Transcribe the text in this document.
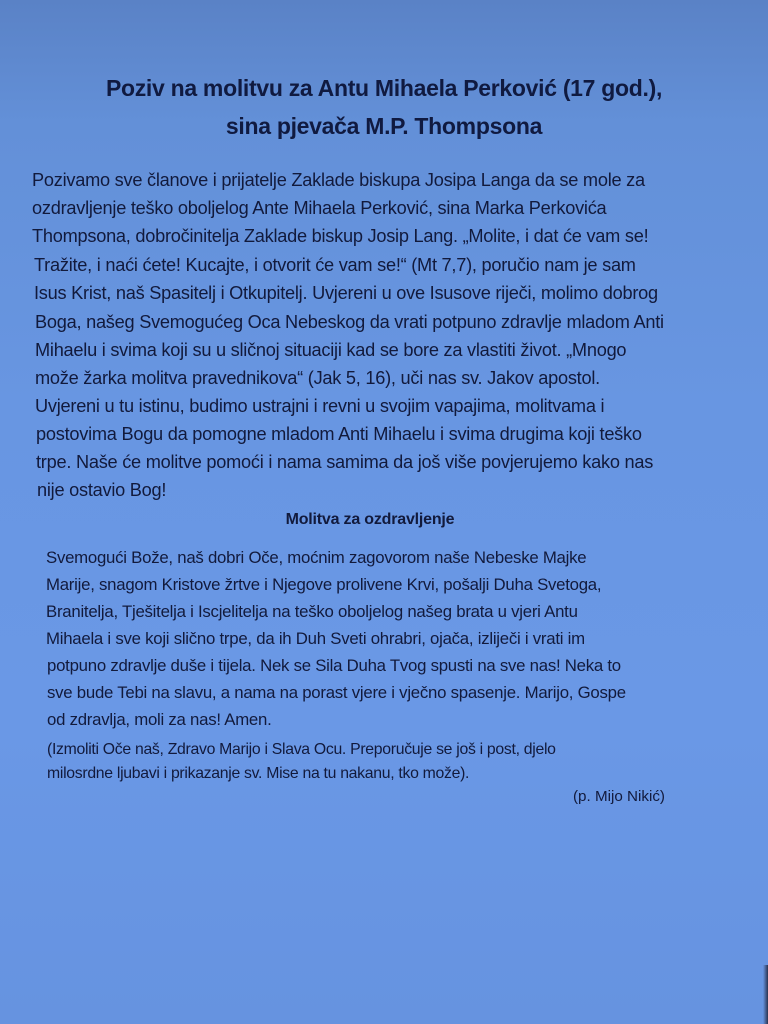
Poziv na molitvu za Antu Mihaela Perković (17 god.),
sina pjevača M.P. Thompsona
Pozivamo sve članove i prijatelje Zaklade biskupa Josipa Langa da se mole za
ozdravljenje teško oboljelog Ante Mihaela Perković, sina Marka Perkovića
Thompsona, dobročinitelja Zaklade biskup Josip Lang. „Molite, i dat će vam se!
Tražite, i naći ćete! Kucajte, i otvorit će vam se!“ (Mt 7,7), poručio nam je sam
Isus Krist, naš Spasitelj i Otkupitelj. Uvjereni u ove Isusove riječi, molimo dobrog
Boga, našeg Svemogućeg Oca Nebeskog da vrati potpuno zdravlje mladom Anti
Mihaelu i svima koji su u sličnoj situaciji kad se bore za vlastiti život. „Mnogo
može žarka molitva pravednikova“ (Jak 5, 16), uči nas sv. Jakov apostol.
Uvjereni u tu istinu, budimo ustrajni i revni u svojim vapajima, molitvama i
postovima Bogu da pomogne mladom Anti Mihaelu i svima drugima koji teško
trpe. Naše će molitve pomoći i nama samima da još više povjerujemo kako nas
nije ostavio Bog!
Molitva za ozdravljenje
Svemogući Bože, naš dobri Oče, moćnim zagovorom naše Nebeske Majke
Marije, snagom Kristove žrtve i Njegove prolivene Krvi, pošalji Duha Svetoga,
Branitelja, Tješitelja i Iscjelitelja na teško oboljelog našeg brata u vjeri Antu
Mihaela i sve koji slično trpe, da ih Duh Sveti ohrabri, ojača, izliječi i vrati im
potpuno zdravlje duše i tijela. Nek se Sila Duha Tvog spusti na sve nas! Neka to
sve bude Tebi na slavu, a nama na porast vjere i vječno spasenje. Marijo, Gospe
od zdravlja, moli za nas! Amen.
(Izmoliti Oče naš, Zdravo Marijo i Slava Ocu. Preporučuje se još i post, djelo
milosrdne ljubavi i prikazanje sv. Mise na tu nakanu, tko može).
(p. Mijo Nikić)
